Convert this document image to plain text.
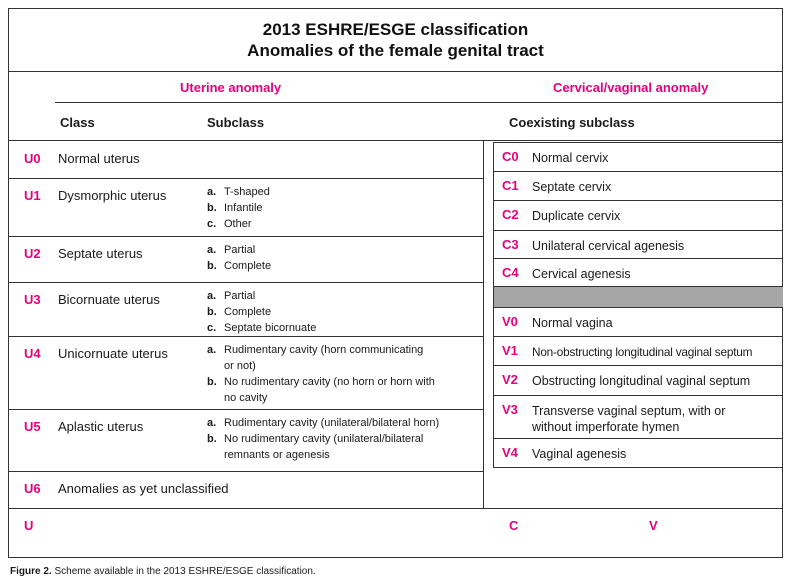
2013 ESHRE/ESGE classification
Anomalies of the female genital tract
Uterine anomaly	Cervical/vaginal anomaly
Class	Subclass	Coexisting subclass
U0 Normal uterus
U1 Dysmorphic uterus	a. T-shaped
b. Infantile
c. Other
U2 Septate uterus	a. Partial
b. Complete
U3 Bicornuate uterus	a. Partial
b. Complete
c. Septate bicornuate
U4 Unicornuate uterus	a. Rudimentary cavity (horn communicating
or not)
b. No rudimentary cavity (no horn or horn with
no cavity
U5 Aplastic uterus	a. Rudimentary cavity (unilateral/bilateral horn)
b. No rudimentary cavity (unilateral/bilateral
remnants or agenesis
U6 Anomalies as yet unclassified
C0 Normal cervix
C1 Septate cervix
C2 Duplicate cervix
C3 Unilateral cervical agenesis
C4 Cervical agenesis
V0 Normal vagina
V1 Non-obstructing longitudinal vaginal septum
V2 Obstructing longitudinal vaginal septum
V3 Transverse vaginal septum, with or without imperforate hymen
V4 Vaginal agenesis
U	C	V
Figure 2. Scheme available in the 2013 ESHRE/ESGE classification.
